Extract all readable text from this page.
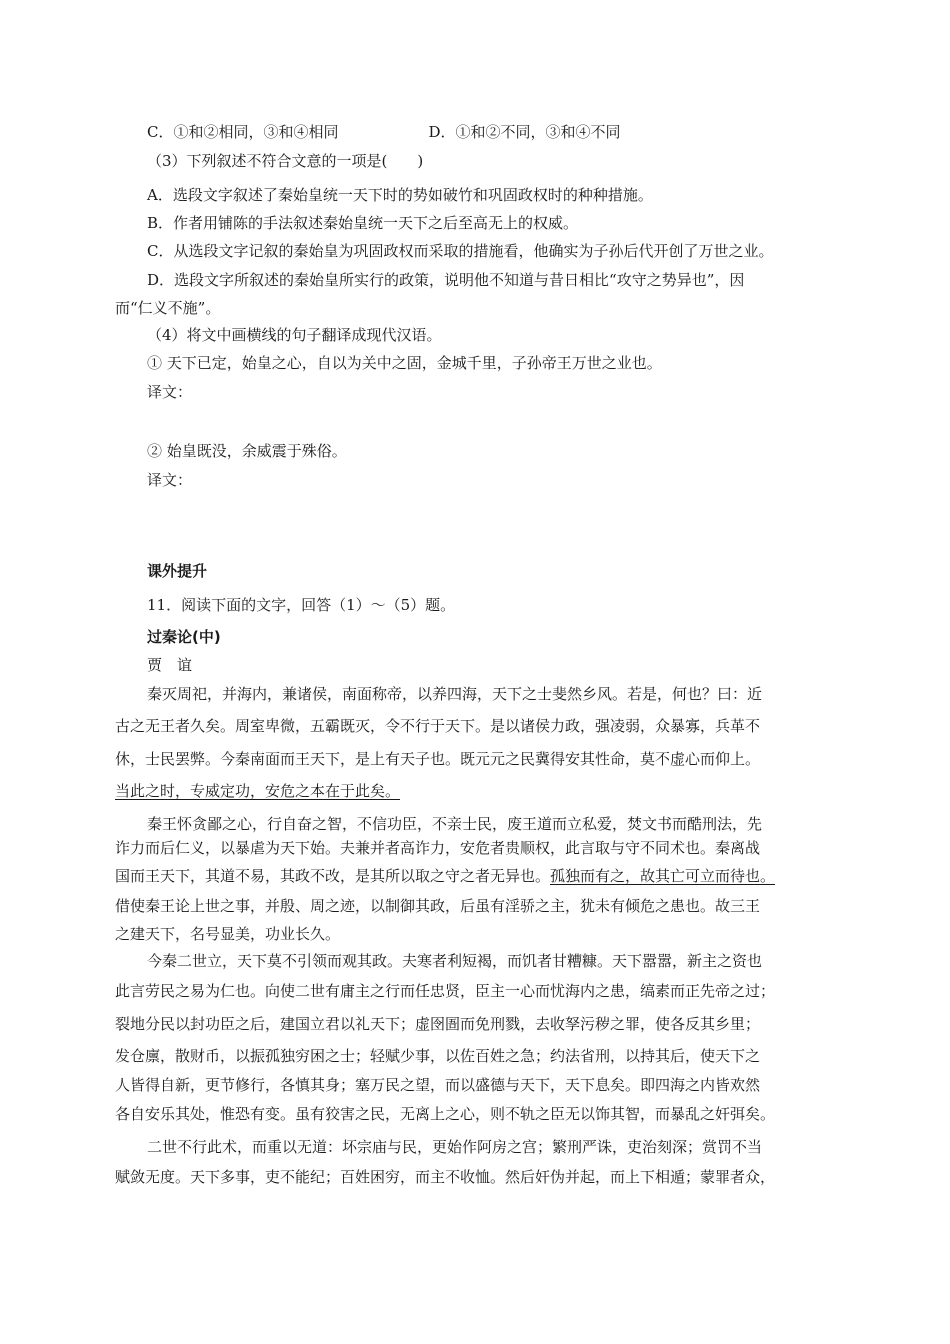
C．①和②相同，③和④相同	D．①和②不同，③和④不同
（3）下列叙述不符合文意的一项是(　　)
A．选段文字叙述了秦始皇统一天下时的势如破竹和巩固政权时的种种措施。
B．作者用铺陈的手法叙述秦始皇统一天下之后至高无上的权威。
C．从选段文字记叙的秦始皇为巩固政权而采取的措施看，他确实为子孙后代开创了万世之业。
D．选段文字所叙述的秦始皇所实行的政策，说明他不知道与昔日相比“攻守之势异也”，因
而“仁义不施”。
（4）将文中画横线的句子翻译成现代汉语。
① 天下已定，始皇之心，自以为关中之固，金城千里，子孙帝王万世之业也。
译文：
② 始皇既没，余威震于殊俗。
译文：
课外提升
11．阅读下面的文字，回答（1）～（5）题。
过秦论(中)
贾　谊
秦灭周祀，并海内，兼诸侯，南面称帝，以养四海，天下之士斐然乡风。若是，何也？曰：近
古之无王者久矣。周室卑微，五霸既灭，令不行于天下。是以诸侯力政，强凌弱，众暴寡，兵革不
休，士民罢弊。今秦南面而王天下，是上有天子也。既元元之民冀得安其性命，莫不虚心而仰上。
当此之时，专威定功，安危之本在于此矣。
秦王怀贪鄙之心，行自奋之智，不信功臣，不亲士民，废王道而立私爱，焚文书而酷刑法，先
诈力而后仁义，以暴虐为天下始。夫兼并者高诈力，安危者贵顺权，此言取与守不同术也。秦离战
国而王天下，其道不易，其政不改，是其所以取之守之者无异也。孤独而有之，故其亡可立而待也。
借使秦王论上世之事，并殷、周之迹，以制御其政，后虽有淫骄之主，犹未有倾危之患也。故三王
之建天下，名号显美，功业长久。
今秦二世立，天下莫不引领而观其政。夫寒者利短褐，而饥者甘糟糠。天下嚣嚣，新主之资也
此言劳民之易为仁也。向使二世有庸主之行而任忠贤，臣主一心而忧海内之患，缟素而正先帝之过；
裂地分民以封功臣之后，建国立君以礼天下；虚囹圄而免刑戮，去收孥污秽之罪，使各反其乡里；
发仓廪，散财币，以振孤独穷困之士；轻赋少事，以佐百姓之急；约法省刑，以持其后，使天下之
人皆得自新，更节修行，各慎其身；塞万民之望，而以盛德与天下，天下息矣。即四海之内皆欢然
各自安乐其处，惟恐有变。虽有狡害之民，无离上之心，则不轨之臣无以饰其智，而暴乱之奸弭矣。
二世不行此术，而重以无道：坏宗庙与民，更始作阿房之宫；繁刑严诛，吏治刻深；赏罚不当
赋敛无度。天下多事，吏不能纪；百姓困穷，而主不收恤。然后奸伪并起，而上下相遁；蒙罪者众，
